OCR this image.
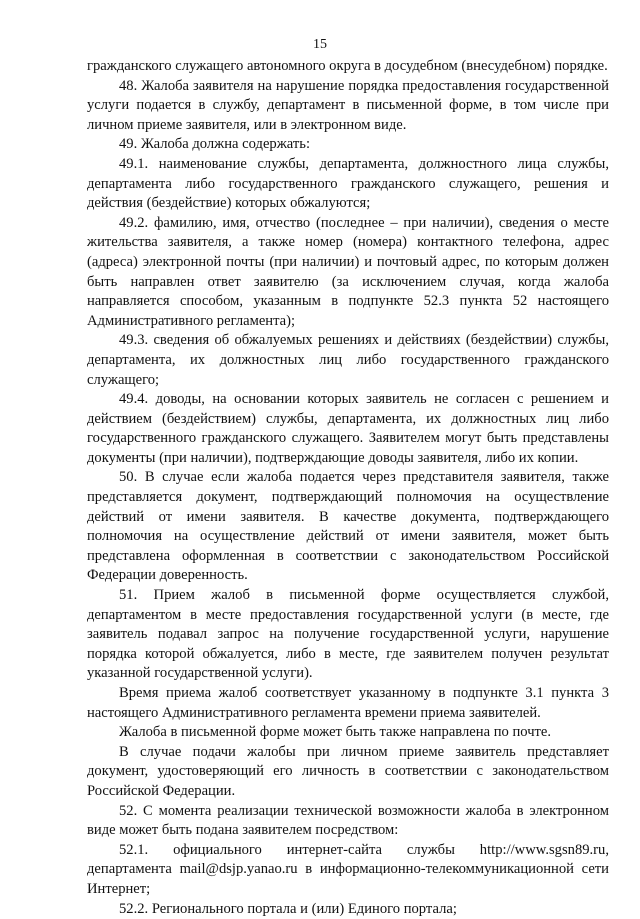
15

гражданского служащего автономного округа в досудебном (внесудебном) порядке.

48. Жалоба заявителя на нарушение порядка предоставления государственной услуги подается в службу, департамент в письменной форме, в том числе при личном приеме заявителя, или в электронном виде.

49. Жалоба должна содержать:

49.1. наименование службы, департамента, должностного лица службы, департамента либо государственного гражданского служащего, решения и действия (бездействие) которых обжалуются;

49.2. фамилию, имя, отчество (последнее – при наличии), сведения о месте жительства заявителя, а также номер (номера) контактного телефона, адрес (адреса) электронной почты (при наличии) и почтовый адрес, по которым должен быть направлен ответ заявителю (за исключением случая, когда жалоба направляется способом, указанным в подпункте 52.3 пункта 52 настоящего Административного регламента);

49.3. сведения об обжалуемых решениях и действиях (бездействии) службы, департамента, их должностных лиц либо государственного гражданского служащего;

49.4. доводы, на основании которых заявитель не согласен с решением и действием (бездействием) службы, департамента, их должностных лиц либо государственного гражданского служащего. Заявителем могут быть представлены документы (при наличии), подтверждающие доводы заявителя, либо их копии.

50. В случае если жалоба подается через представителя заявителя, также представляется документ, подтверждающий полномочия на осуществление действий от имени заявителя. В качестве документа, подтверждающего полномочия на осуществление действий от имени заявителя, может быть представлена оформленная в соответствии с законодательством Российской Федерации доверенность.

51. Прием жалоб в письменной форме осуществляется службой, департаментом в месте предоставления государственной услуги (в месте, где заявитель подавал запрос на получение государственной услуги, нарушение порядка которой обжалуется, либо в месте, где заявителем получен результат указанной государственной услуги).

Время приема жалоб соответствует указанному в подпункте 3.1 пункта 3 настоящего Административного регламента времени приема заявителей.

Жалоба в письменной форме может быть также направлена по почте.

В случае подачи жалобы при личном приеме заявитель представляет документ, удостоверяющий его личность в соответствии с законодательством Российской Федерации.

52. С момента реализации технической возможности жалоба в электронном виде может быть подана заявителем посредством:

52.1. официального интернет-сайта службы http://www.sgsn89.ru, департамента mail@dsjp.yanao.ru в информационно-телекоммуникационной сети Интернет;

52.2. Регионального портала и (или) Единого портала;
